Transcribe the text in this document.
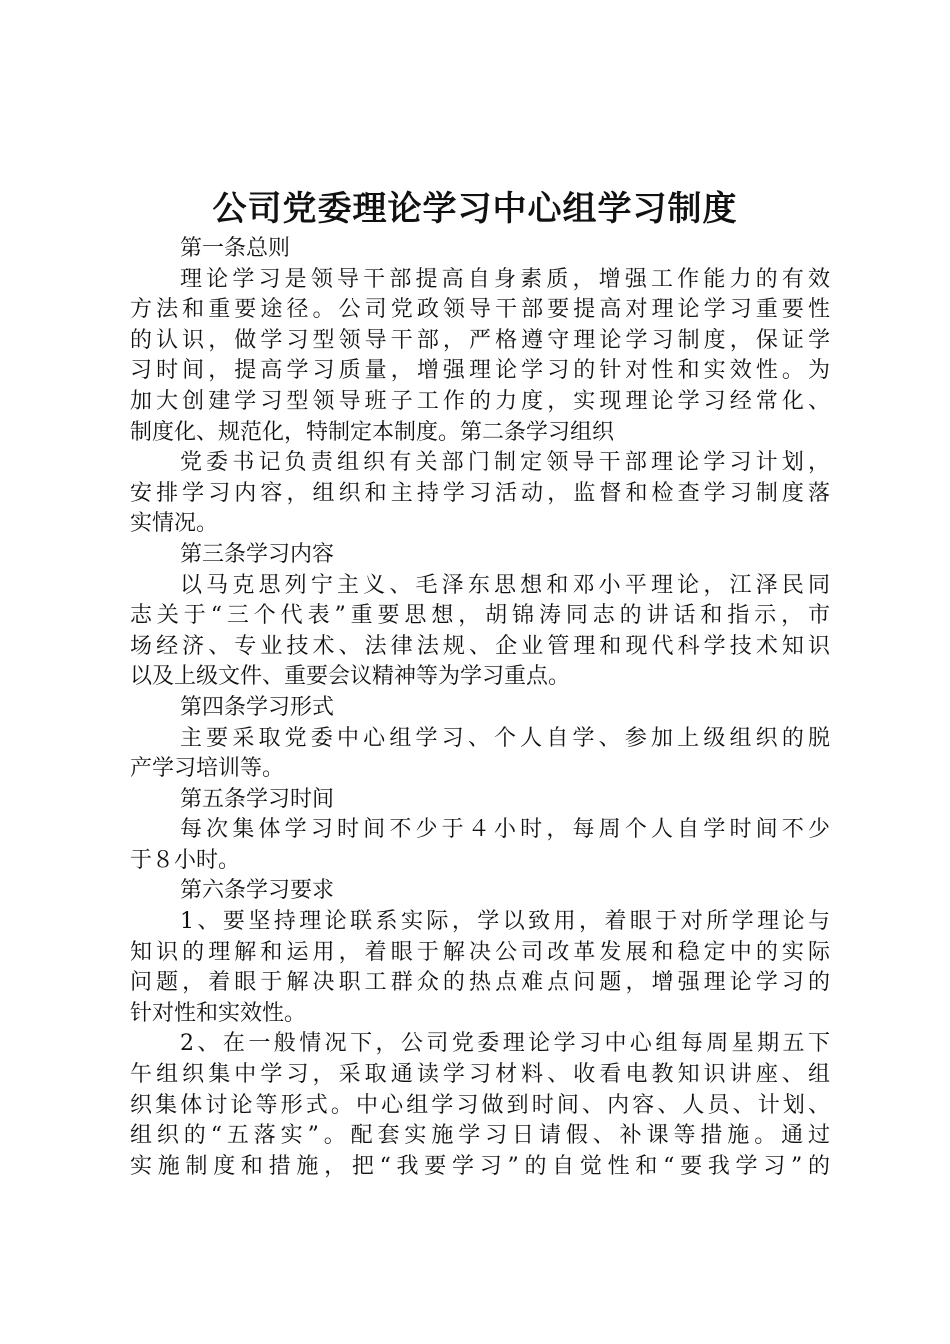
公司党委理论学习中心组学习制度
第一条总则
理论学习是领导干部提高自身素质，增强工作能力的有效
方法和重要途径。公司党政领导干部要提高对理论学习重要性
的认识，做学习型领导干部，严格遵守理论学习制度，保证学
习时间，提高学习质量，增强理论学习的针对性和实效性。为
加大创建学习型领导班子工作的力度，实现理论学习经常化、
制度化、规范化，特制定本制度。第二条学习组织
党委书记负责组织有关部门制定领导干部理论学习计划，
安排学习内容，组织和主持学习活动，监督和检查学习制度落
实情况。
第三条学习内容
以马克思列宁主义、毛泽东思想和邓小平理论，江泽民同
志关于“三个代表”重要思想，胡锦涛同志的讲话和指示，市
场经济、专业技术、法律法规、企业管理和现代科学技术知识
以及上级文件、重要会议精神等为学习重点。
第四条学习形式
主要采取党委中心组学习、个人自学、参加上级组织的脱
产学习培训等。
第五条学习时间
每次集体学习时间不少于４小时，每周个人自学时间不少
于８小时。
第六条学习要求
1、要坚持理论联系实际，学以致用，着眼于对所学理论与
知识的理解和运用，着眼于解决公司改革发展和稳定中的实际
问题，着眼于解决职工群众的热点难点问题，增强理论学习的
针对性和实效性。
2、在一般情况下，公司党委理论学习中心组每周星期五下
午组织集中学习，采取通读学习材料、收看电教知识讲座、组
织集体讨论等形式。中心组学习做到时间、内容、人员、计划、
组织的“五落实”。配套实施学习日请假、补课等措施。通过
实施制度和措施，把“我要学习”的自觉性和“要我学习”的
